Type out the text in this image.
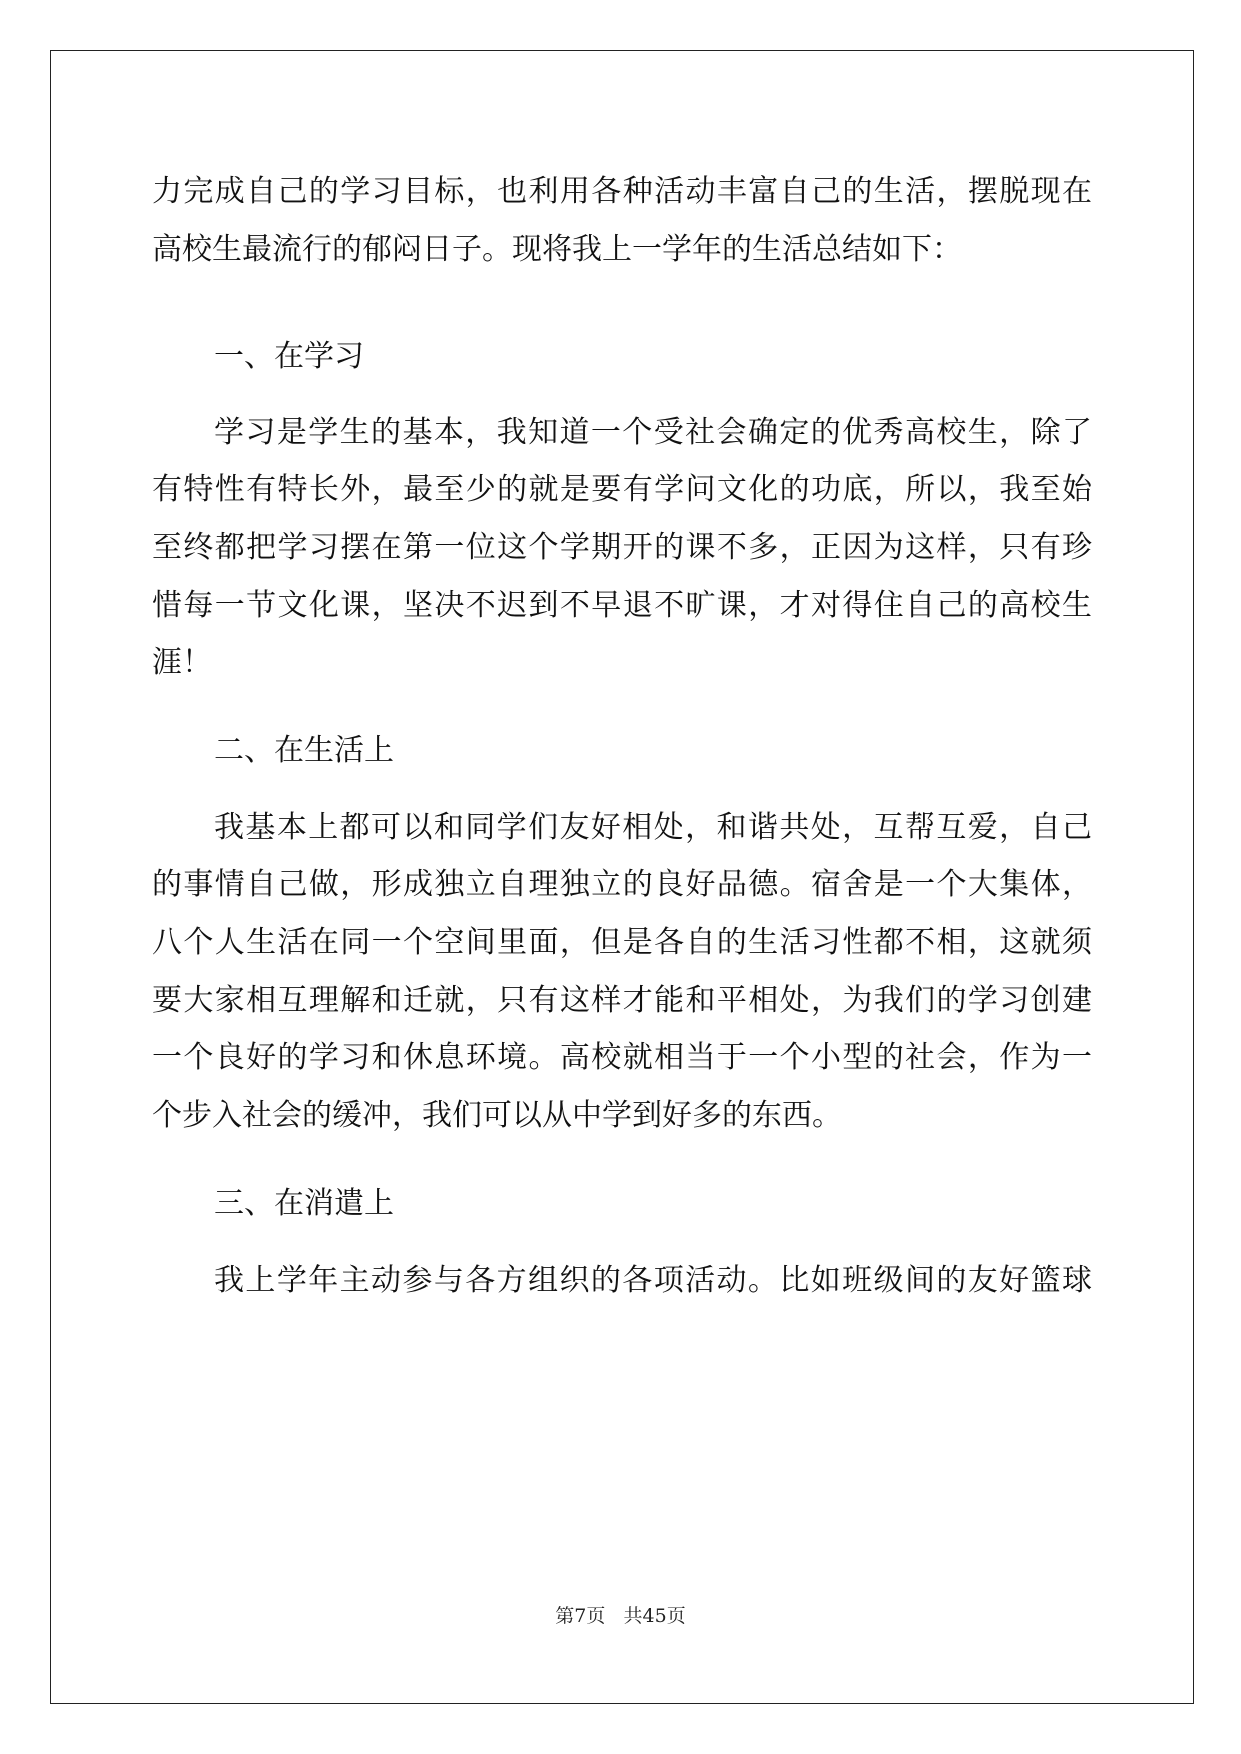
力完成自己的学习目标，也利用各种活动丰富自己的生活，摆脱现在
高校生最流行的郁闷日子。现将我上一学年的生活总结如下：
一、在学习
学习是学生的基本，我知道一个受社会确定的优秀高校生，除了
有特性有特长外，最至少的就是要有学问文化的功底，所以，我至始
至终都把学习摆在第一位这个学期开的课不多，正因为这样，只有珍
惜每一节文化课，坚决不迟到不早退不旷课，才对得住自己的高校生
涯！
二、在生活上
我基本上都可以和同学们友好相处，和谐共处，互帮互爱，自己
的事情自己做，形成独立自理独立的良好品德。宿舍是一个大集体，
八个人生活在同一个空间里面，但是各自的生活习性都不相，这就须
要大家相互理解和迁就，只有这样才能和平相处，为我们的学习创建
一个良好的学习和休息环境。高校就相当于一个小型的社会，作为一
个步入社会的缓冲，我们可以从中学到好多的东西。
三、在消遣上
我上学年主动参与各方组织的各项活动。比如班级间的友好篮球
第7页 共45页
